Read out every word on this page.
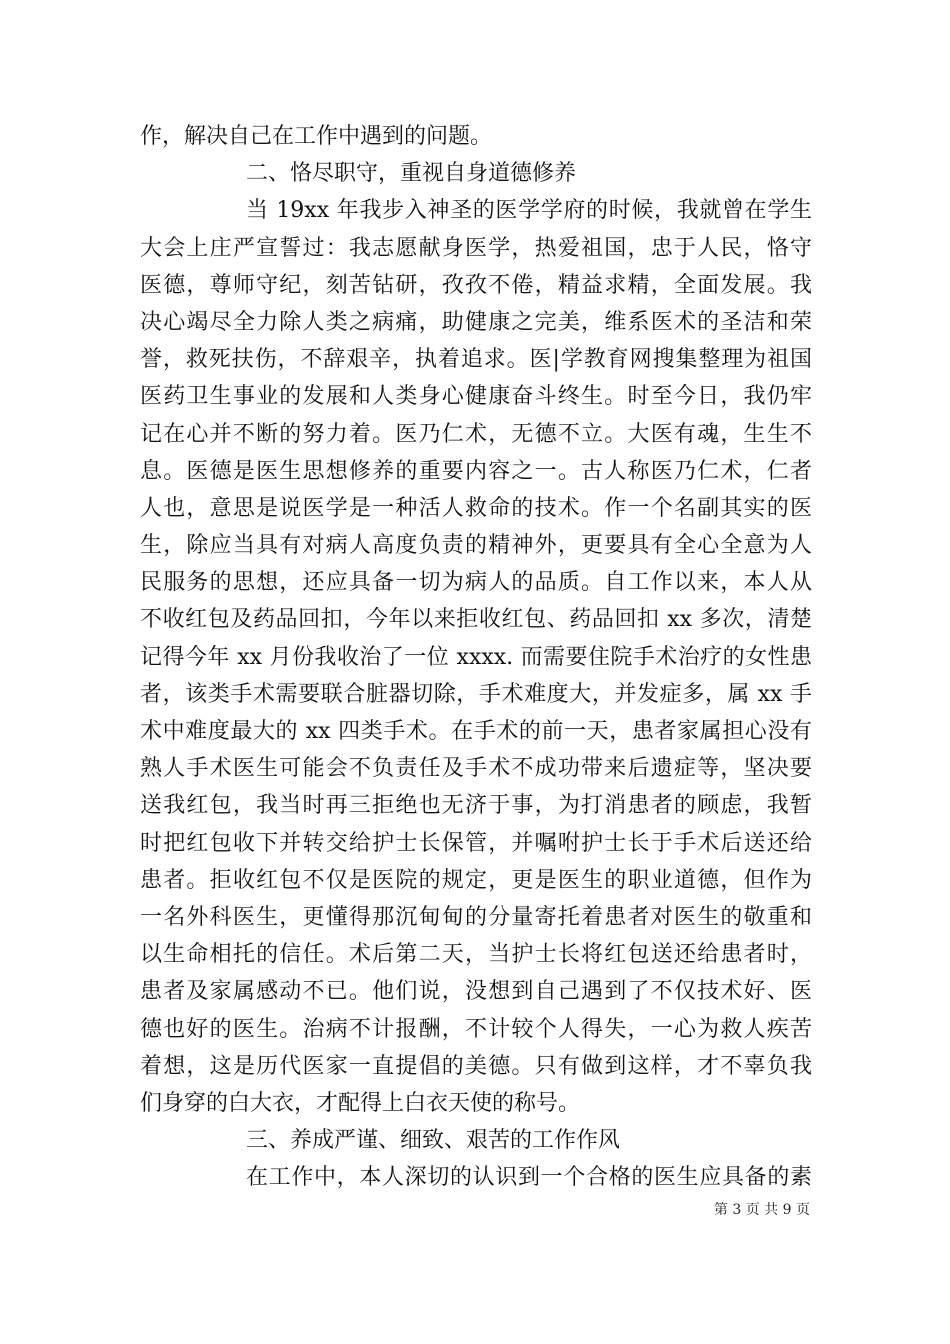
作，解决自己在工作中遇到的问题。
二、恪尽职守，重视自身道德修养
当 19xx 年我步入神圣的医学学府的时候，我就曾在学生
大会上庄严宣誓过：我志愿献身医学，热爱祖国，忠于人民，恪守
医德，尊师守纪，刻苦钻研，孜孜不倦，精益求精，全面发展。我
决心竭尽全力除人类之病痛，助健康之完美，维系医术的圣洁和荣
誉，救死扶伤，不辞艰辛，执着追求。医|学教育网搜集整理为祖国
医药卫生事业的发展和人类身心健康奋斗终生。时至今日，我仍牢
记在心并不断的努力着。医乃仁术，无德不立。大医有魂，生生不
息。医德是医生思想修养的重要内容之一。古人称医乃仁术，仁者
人也，意思是说医学是一种活人救命的技术。作一个名副其实的医
生，除应当具有对病人高度负责的精神外，更要具有全心全意为人
民服务的思想，还应具备一切为病人的品质。自工作以来，本人从
不收红包及药品回扣，今年以来拒收红包、药品回扣 xx 多次，清楚
记得今年 xx 月份我收治了一位 xxxx. 而需要住院手术治疗的女性患
者，该类手术需要联合脏器切除，手术难度大，并发症多，属 xx 手
术中难度最大的 xx 四类手术。在手术的前一天，患者家属担心没有
熟人手术医生可能会不负责任及手术不成功带来后遗症等，坚决要
送我红包，我当时再三拒绝也无济于事，为打消患者的顾虑，我暂
时把红包收下并转交给护士长保管，并嘱咐护士长于手术后送还给
患者。拒收红包不仅是医院的规定，更是医生的职业道德，但作为
一名外科医生，更懂得那沉甸甸的分量寄托着患者对医生的敬重和
以生命相托的信任。术后第二天，当护士长将红包送还给患者时，
患者及家属感动不已。他们说，没想到自己遇到了不仅技术好、医
德也好的医生。治病不计报酬，不计较个人得失，一心为救人疾苦
着想，这是历代医家一直提倡的美德。只有做到这样，才不辜负我
们身穿的白大衣，才配得上白衣天使的称号。
三、养成严谨、细致、艰苦的工作作风
在工作中，本人深切的认识到一个合格的医生应具备的素
第 3 页 共 9 页
